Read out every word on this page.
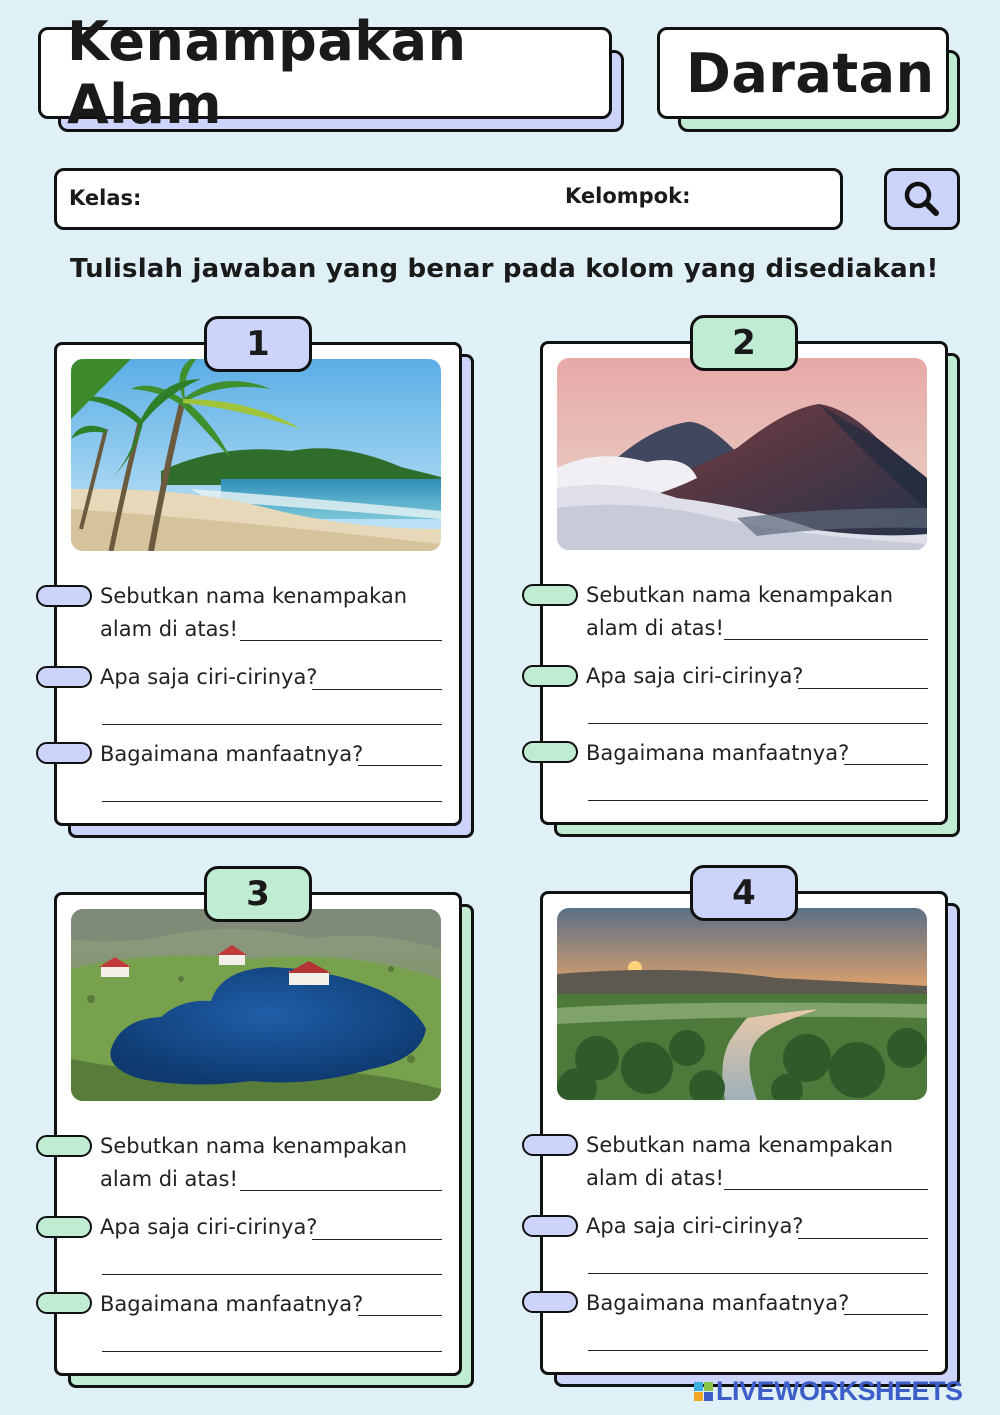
Kenampakan Alam	Daratan
Kelas:	Kelompok:
Tulislah jawaban yang benar pada kolom yang disediakan!
1
Sebutkan nama kenampakan
alam di atas!
Apa saja ciri-cirinya?
Bagaimana manfaatnya?
2
Sebutkan nama kenampakan
alam di atas!
Apa saja ciri-cirinya?
Bagaimana manfaatnya?
3
Sebutkan nama kenampakan
alam di atas!
Apa saja ciri-cirinya?
Bagaimana manfaatnya?
4
Sebutkan nama kenampakan
alam di atas!
Apa saja ciri-cirinya?
Bagaimana manfaatnya?
LIVEWORKSHEETS
